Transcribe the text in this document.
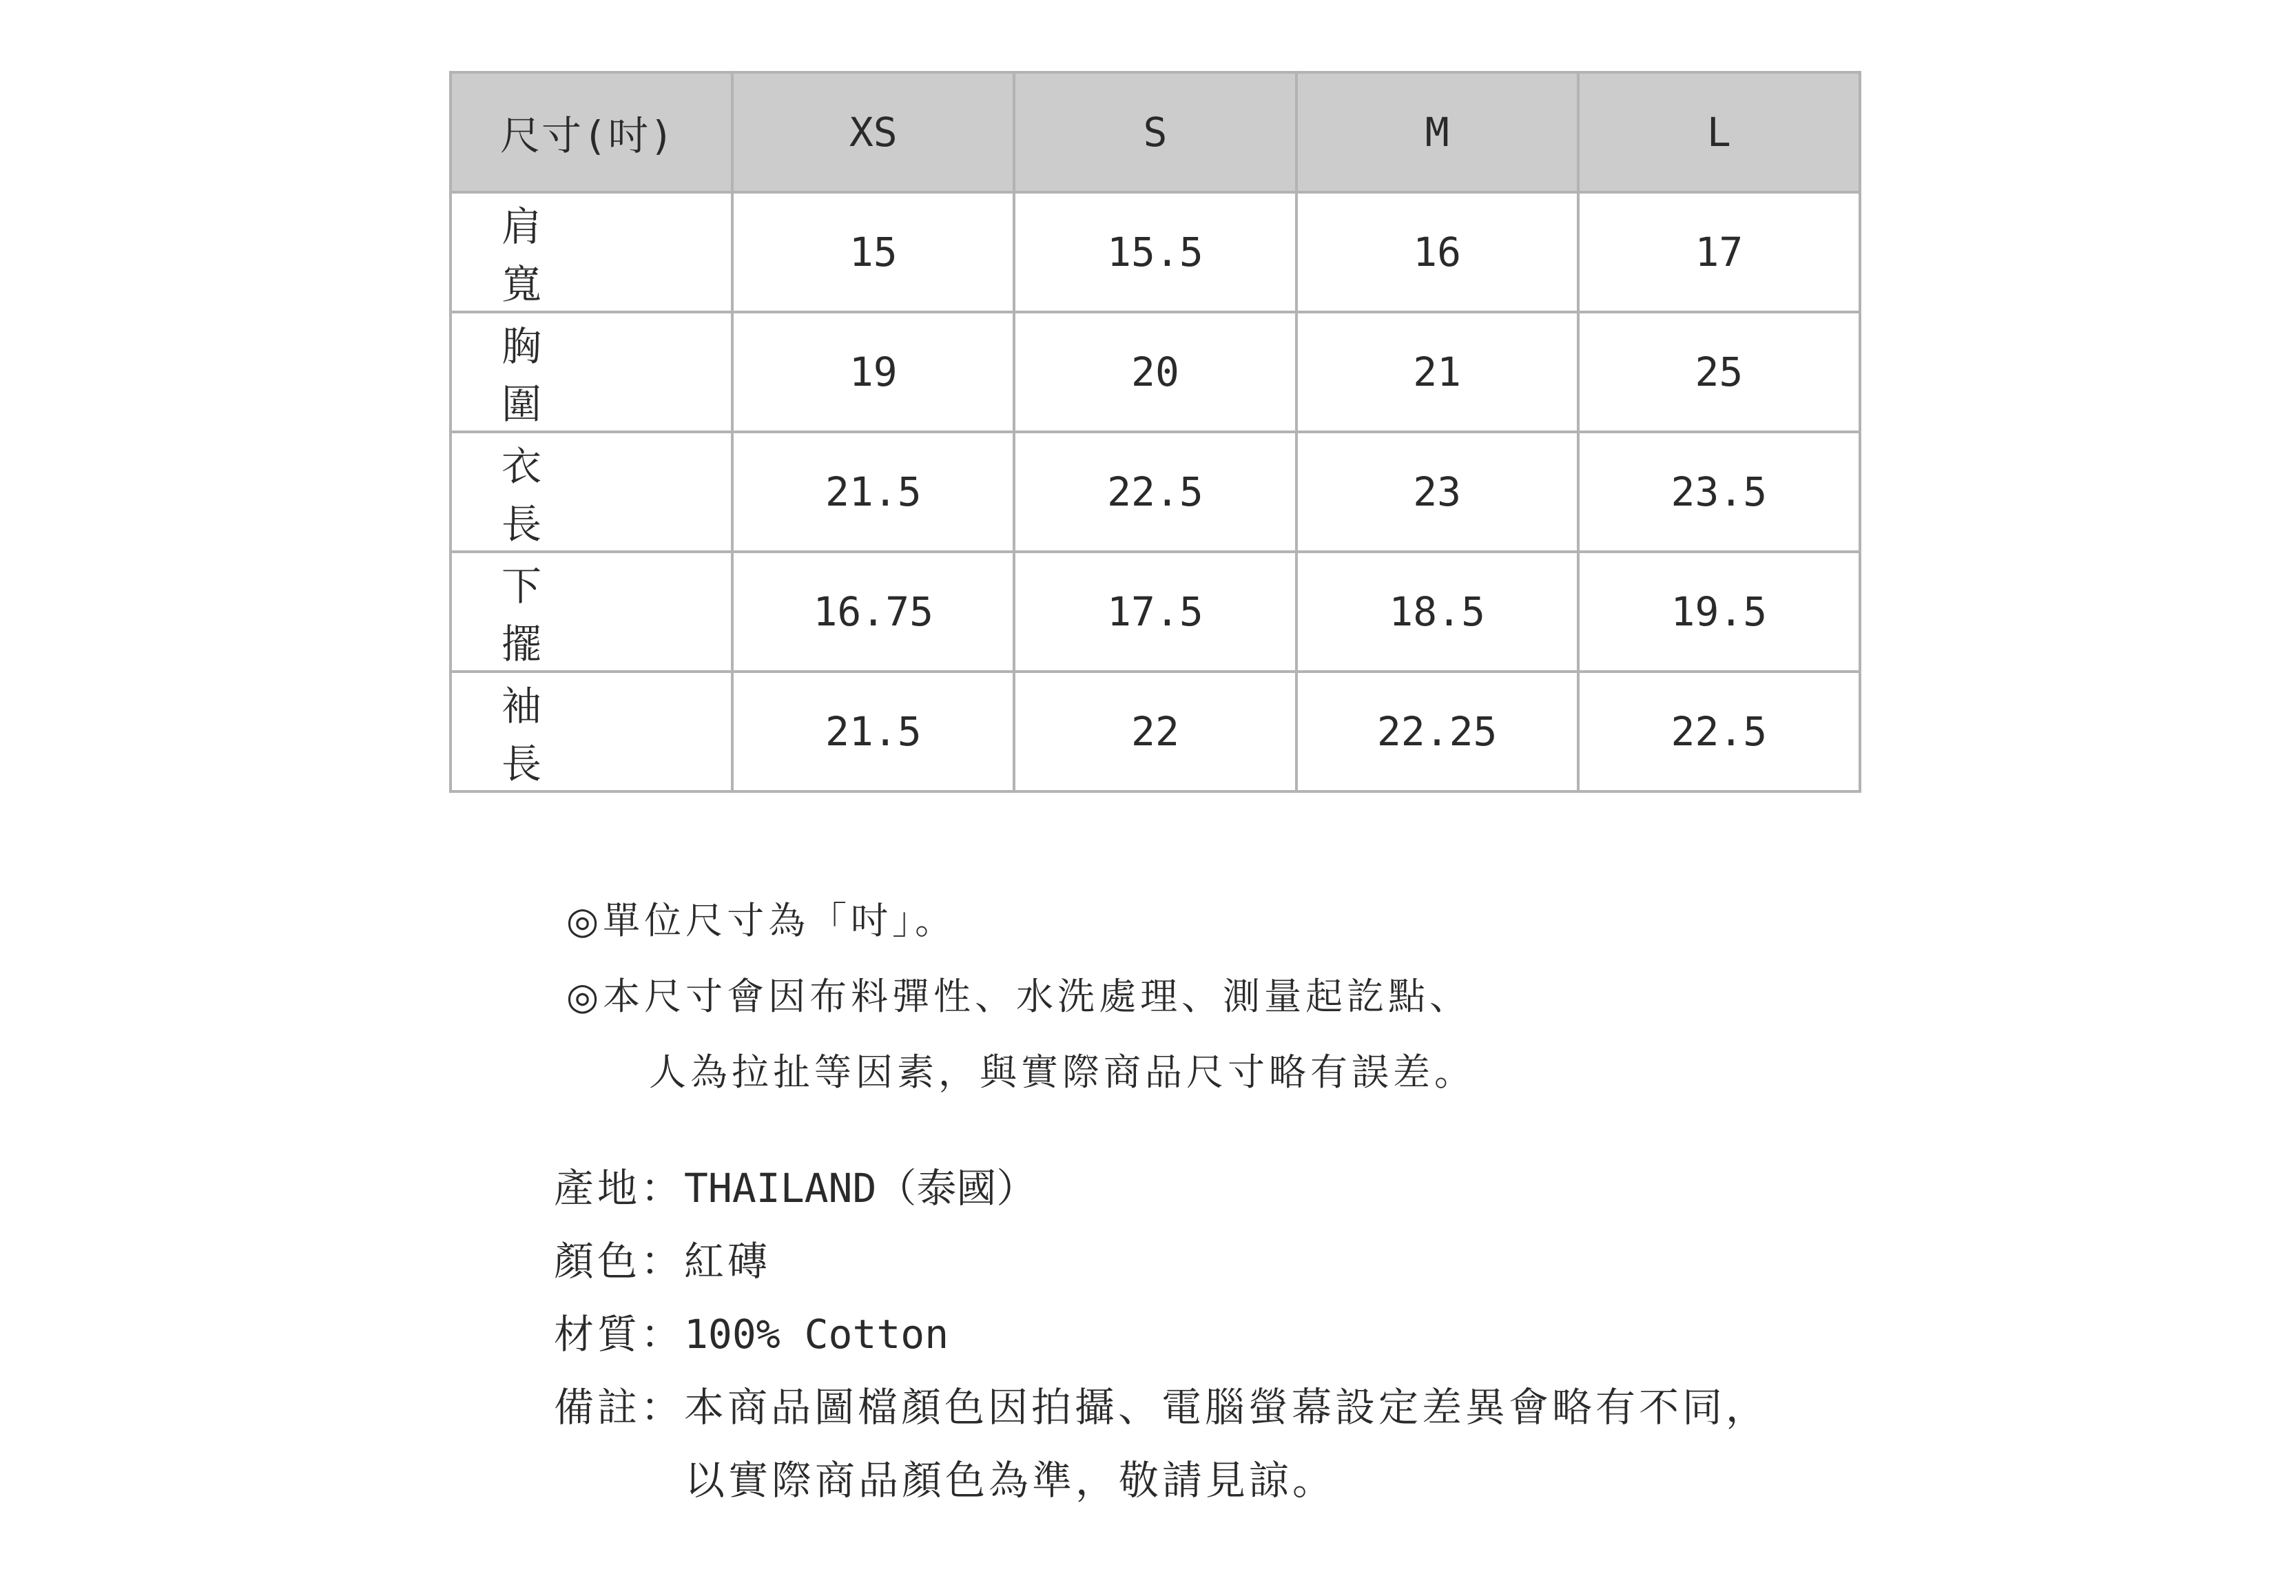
尺寸(吋)	XS	S	M	L
肩寬	15	15.5	16	17
胸圍	19	20	21	25
衣長	21.5	22.5	23	23.5
下擺	16.75	17.5	18.5	19.5
袖長	21.5	22	22.25	22.5
◎單位尺寸為「吋」。
◎本尺寸會因布料彈性、水洗處理、測量起訖點、
人為拉扯等因素，與實際商品尺寸略有誤差。
產地： THAILAND（泰國）
顏色： 紅磚
材質： 100% Cotton
備註： 本商品圖檔顏色因拍攝、電腦螢幕設定差異會略有不同，
以實際商品顏色為準，敬請見諒。
